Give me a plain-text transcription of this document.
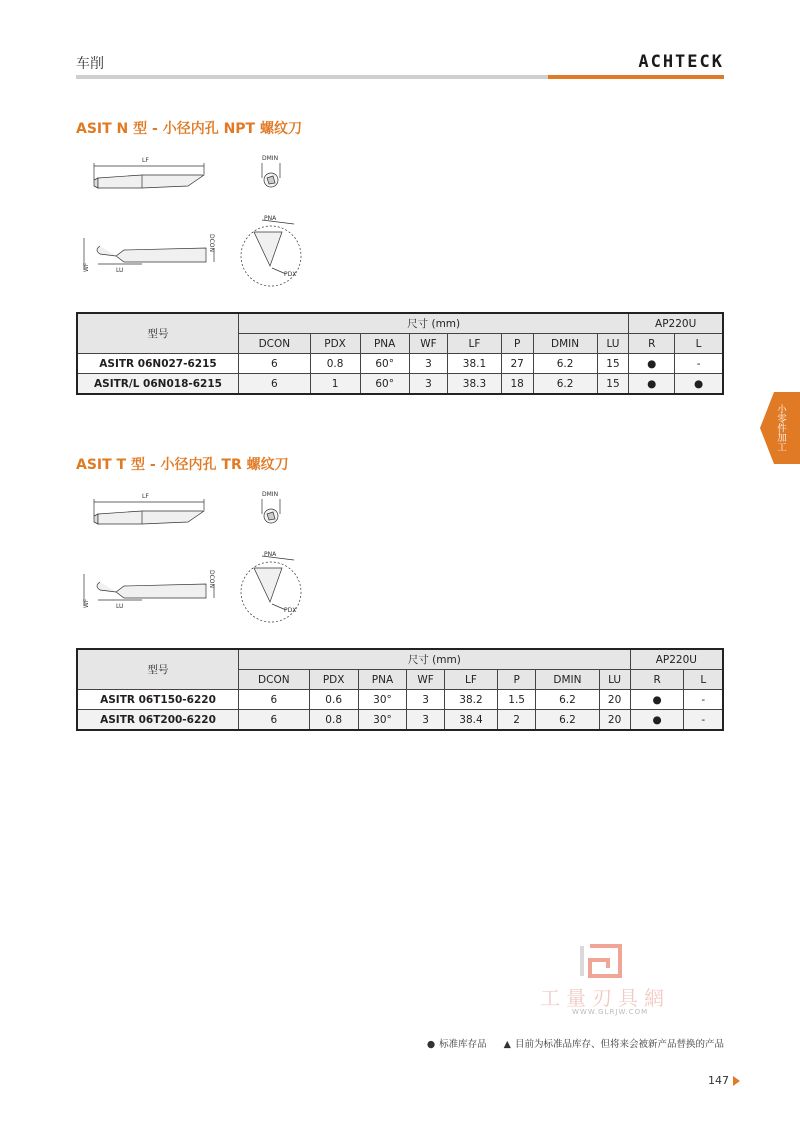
车削	ACHTECK
ASIT N 型 - 小径内孔 NPT 螺纹刀
LF	DMIN
LU
WF
DCON
PNA
PDX
型号	尺寸 (mm)								AP220U	
	DCON	PDX	PNA	WF	LF	P	DMIN	LU	R	L
ASITR 06N027-6215	6	0.8	60°	3	38.1	27	6.2	15	●	-
ASITR/L 06N018-6215	6	1	60°	3	38.3	18	6.2	15	●	●
小零件加工
ASIT T 型 - 小径内孔 TR 螺纹刀
LF	DMIN
LU
WF
DCON
PNA
PDX
型号	尺寸 (mm)								AP220U	
	DCON	PDX	PNA	WF	LF	P	DMIN	LU	R	L
ASITR 06T150-6220	6	0.6	30°	3	38.2	1.5	6.2	20	●	-
ASITR 06T200-6220	6	0.8	30°	3	38.4	2	6.2	20	●	-
工量刃具網
WWW.GLRJW.COM
● 标准库存品 ▲ 目前为标准品库存、但将来会被新产品替换的产品
147
